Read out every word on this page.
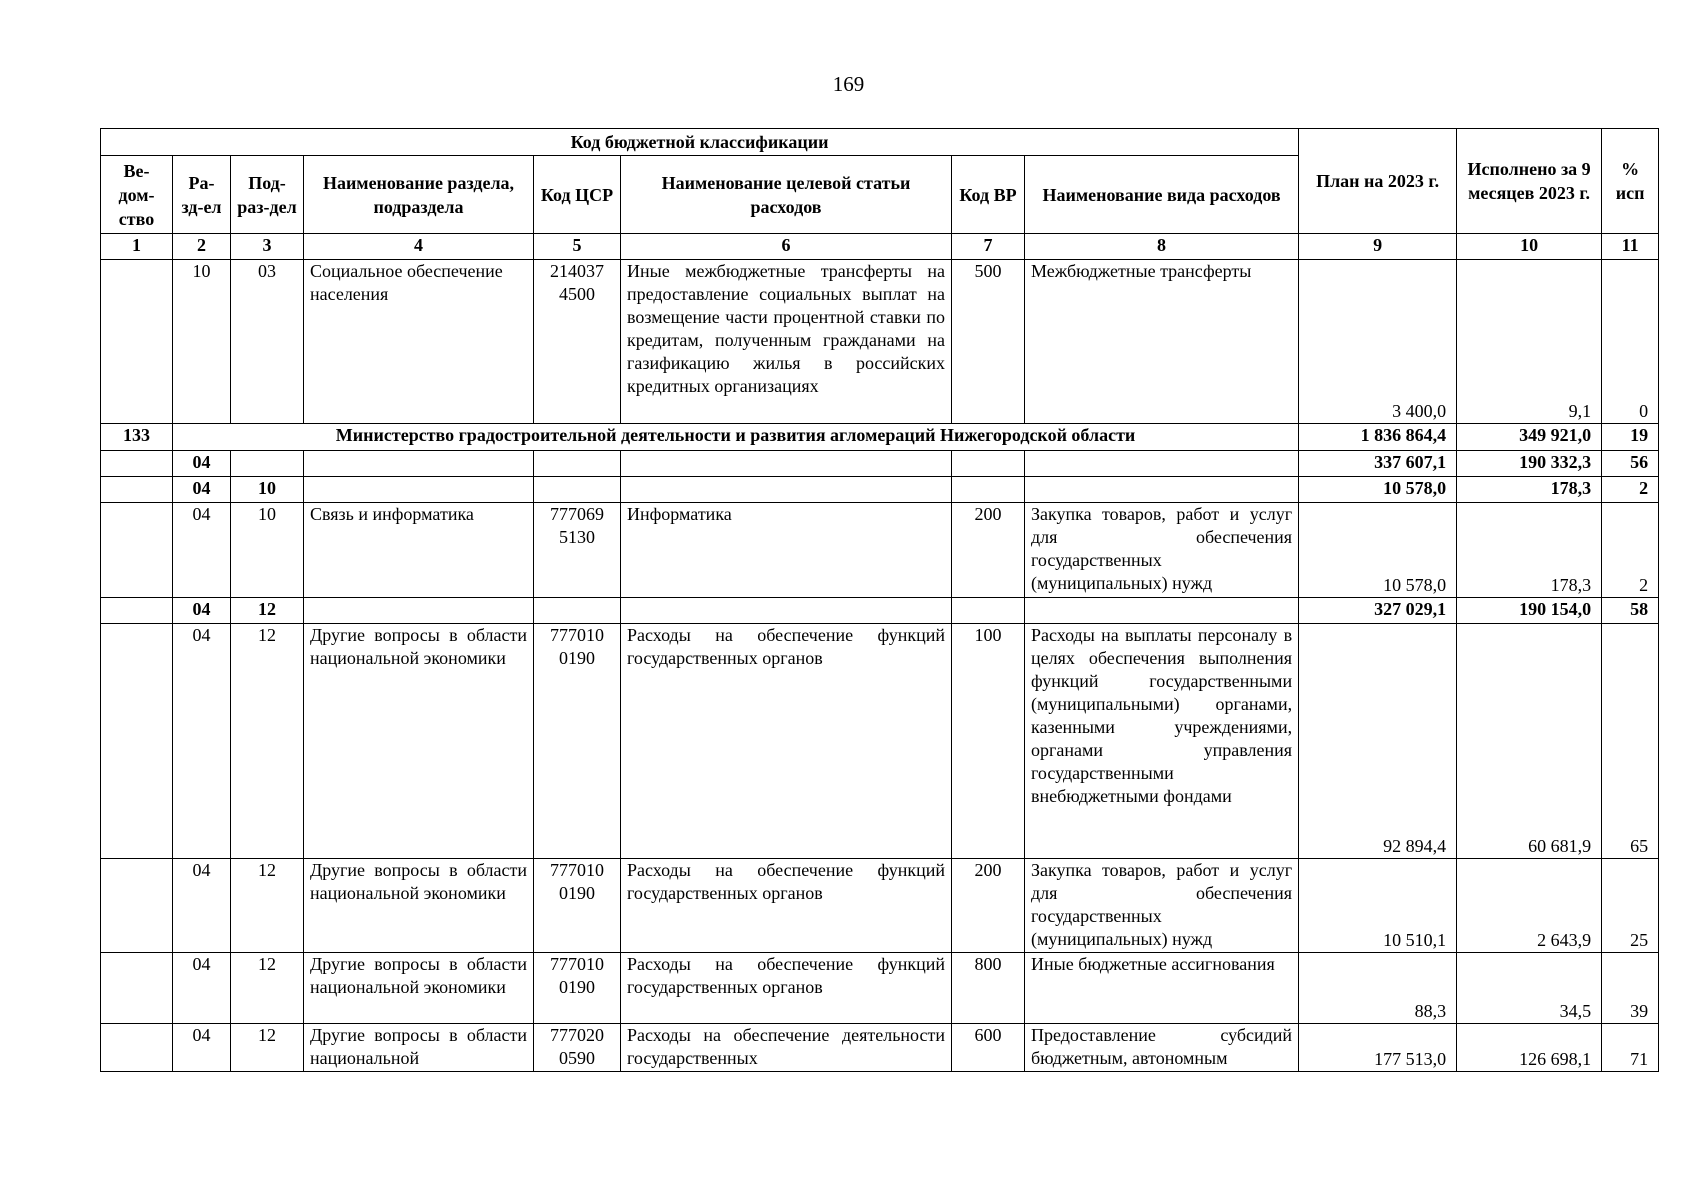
169
Код бюджетной классификации								План на 2023 г.	Исполнено за 9 месяцев 2023 г.	% исп
Ве-дом-ство	Ра-зд-ел	Под-раз-дел	Наименование раздела, подраздела	Код ЦСР	Наименование целевой статьи расходов	Код ВР	Наименование вида расходов			
1	2	3	4	5	6	7	8	9	10	11
	10	03	Социальное обеспечение населения	214037 4500	Иные межбюджетные трансферты на предоставление социальных выплат на возмещение части процентной ставки по кредитам, полученным гражданами на газификацию жилья в российских кредитных организациях	500	Межбюджетные трансферты	3 400,0	9,1	0
133	Министерство градостроительной деятельности и развития агломераций Нижегородской области							1 836 864,4	349 921,0	19
	04							337 607,1	190 332,3	56
	04	10						10 578,0	178,3	2
	04	10	Связь и информатика	777069 5130	Информатика	200	Закупка товаров, работ и услуг для обеспечения государственных (муниципальных) нужд	10 578,0	178,3	2
	04	12						327 029,1	190 154,0	58
	04	12	Другие вопросы в области национальной экономики	777010 0190	Расходы на обеспечение функций государственных органов	100	Расходы на выплаты персоналу в целях обеспечения выполнения функций государственными (муниципальными) органами, казенными учреждениями, органами управления государственными внебюджетными фондами	92 894,4	60 681,9	65
	04	12	Другие вопросы в области национальной экономики	777010 0190	Расходы на обеспечение функций государственных органов	200	Закупка товаров, работ и услуг для обеспечения государственных (муниципальных) нужд	10 510,1	2 643,9	25
	04	12	Другие вопросы в области национальной экономики	777010 0190	Расходы на обеспечение функций государственных органов	800	Иные бюджетные ассигнования	88,3	34,5	39
	04	12	Другие вопросы в области национальной	777020 0590	Расходы на обеспечение деятельности государственных	600	Предоставление субсидий бюджетным, автономным	177 513,0	126 698,1	71
